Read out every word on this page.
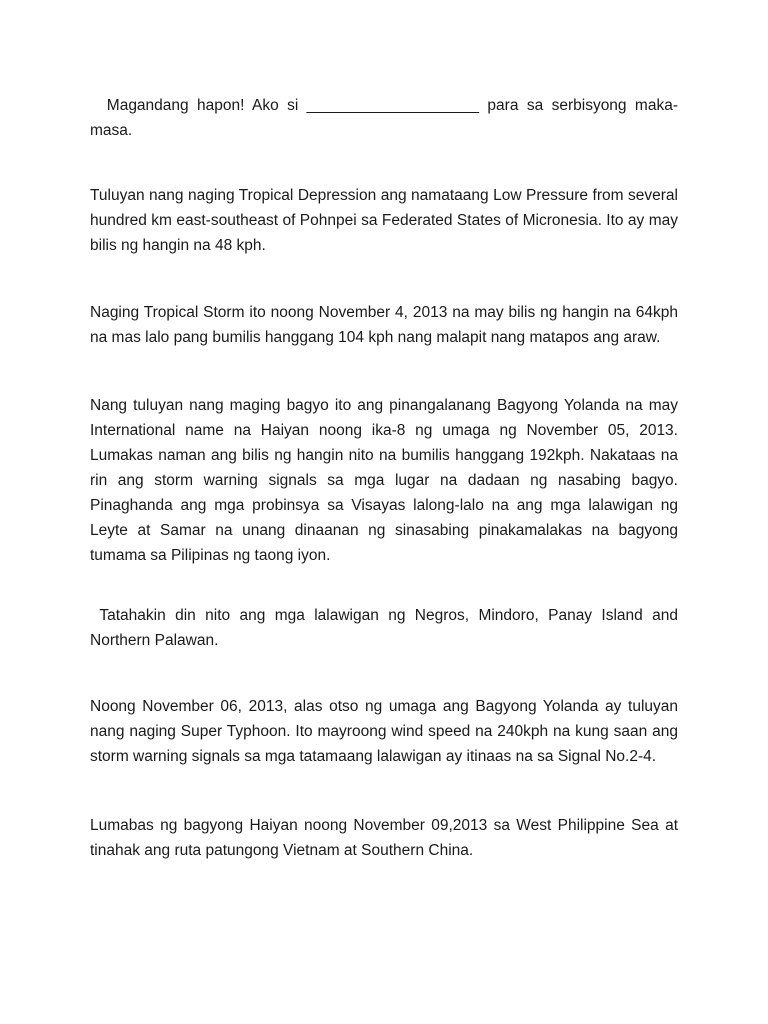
Magandang hapon! Ako si ____________________ para sa serbisyong maka-masa.

Tuluyan nang naging Tropical Depression ang namataang Low Pressure from several hundred km east-southeast of Pohnpei sa Federated States of Micronesia. Ito ay may bilis ng hangin na 48 kph.

Naging Tropical Storm ito noong November 4, 2013 na may bilis ng hangin na 64kph na mas lalo pang bumilis hanggang 104 kph nang malapit nang matapos ang araw.

Nang tuluyan nang maging bagyo ito ang pinangalanang Bagyong Yolanda na may International name na Haiyan noong ika-8 ng umaga ng November 05, 2013. Lumakas naman ang bilis ng hangin nito na bumilis hanggang 192kph. Nakataas na rin ang storm warning signals sa mga lugar na dadaan ng nasabing bagyo. Pinaghanda ang mga probinsya sa Visayas lalong-lalo na ang mga lalawigan ng Leyte at Samar na unang dinaanan ng sinasabing pinakamalakas na bagyong tumama sa Pilipinas ng taong iyon.

Tatahakin din nito ang mga lalawigan ng Negros, Mindoro, Panay Island and Northern Palawan.

Noong November 06, 2013, alas otso ng umaga ang Bagyong Yolanda ay tuluyan nang naging Super Typhoon. Ito mayroong wind speed na 240kph na kung saan ang storm warning signals sa mga tatamaang lalawigan ay itinaas na sa Signal No.2-4.

Lumabas ng bagyong Haiyan noong November 09,2013 sa West Philippine Sea at tinahak ang ruta patungong Vietnam at Southern China.
